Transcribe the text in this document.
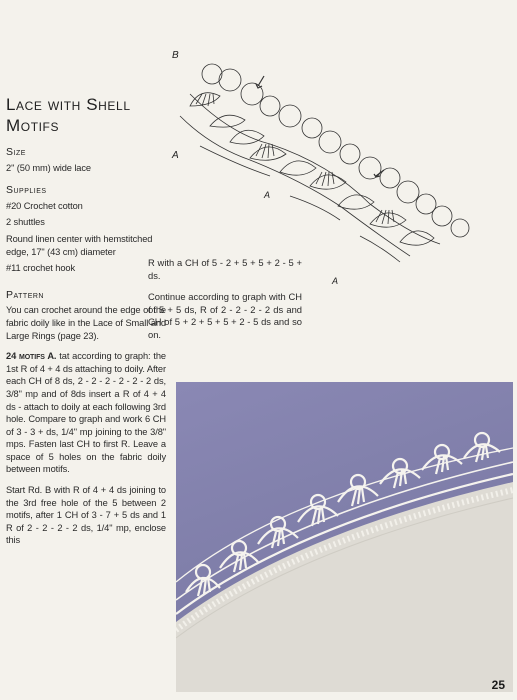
Lace with Shell
Motifs
Size

2" (50 mm) wide lace

Supplies

#20 Crochet cotton

2 shuttles

Round linen center with hemstitched edge, 17" (43 cm) diameter

#11 crochet hook

Pattern

You can crochet around the edge of the fabric doily like in the Lace of Small and Large Rings (page 23).

24 motifs A. tat according to graph: the 1st R of 4 + 4 ds attaching to doily. After each CH of 8 ds, 2 - 2 - 2 - 2 - 2 - 2 ds, 3/8" mp and of 8ds insert a R of 4 + 4 ds - attach to doily at each following 3rd hole. Compare to graph and work 6 CH of 3 - 3 + ds, 1/4" mp joining to the 3/8" mps. Fasten last CH to first R. Leave a space of 5 holes on the fabric doily between motifs.

Start Rd. B with R of 4 + 4 ds joining to the 3rd free hole of the 5 between 2 motifs, after 1 CH of 3 - 7 + 5 ds and 1 R of 2 - 2 - 2 - 2 ds, 1/4" mp, enclose this

B
A
A
A

R with a CH of 5 - 2 + 5 + 5 + 2 - 5 + ds.

Continue according to graph with CH of 5 + 5 ds, R of 2 - 2 - 2 - 2 ds and CH of 5 + 2 + 5 + 5 + 2 - 5 ds and so on.

25
